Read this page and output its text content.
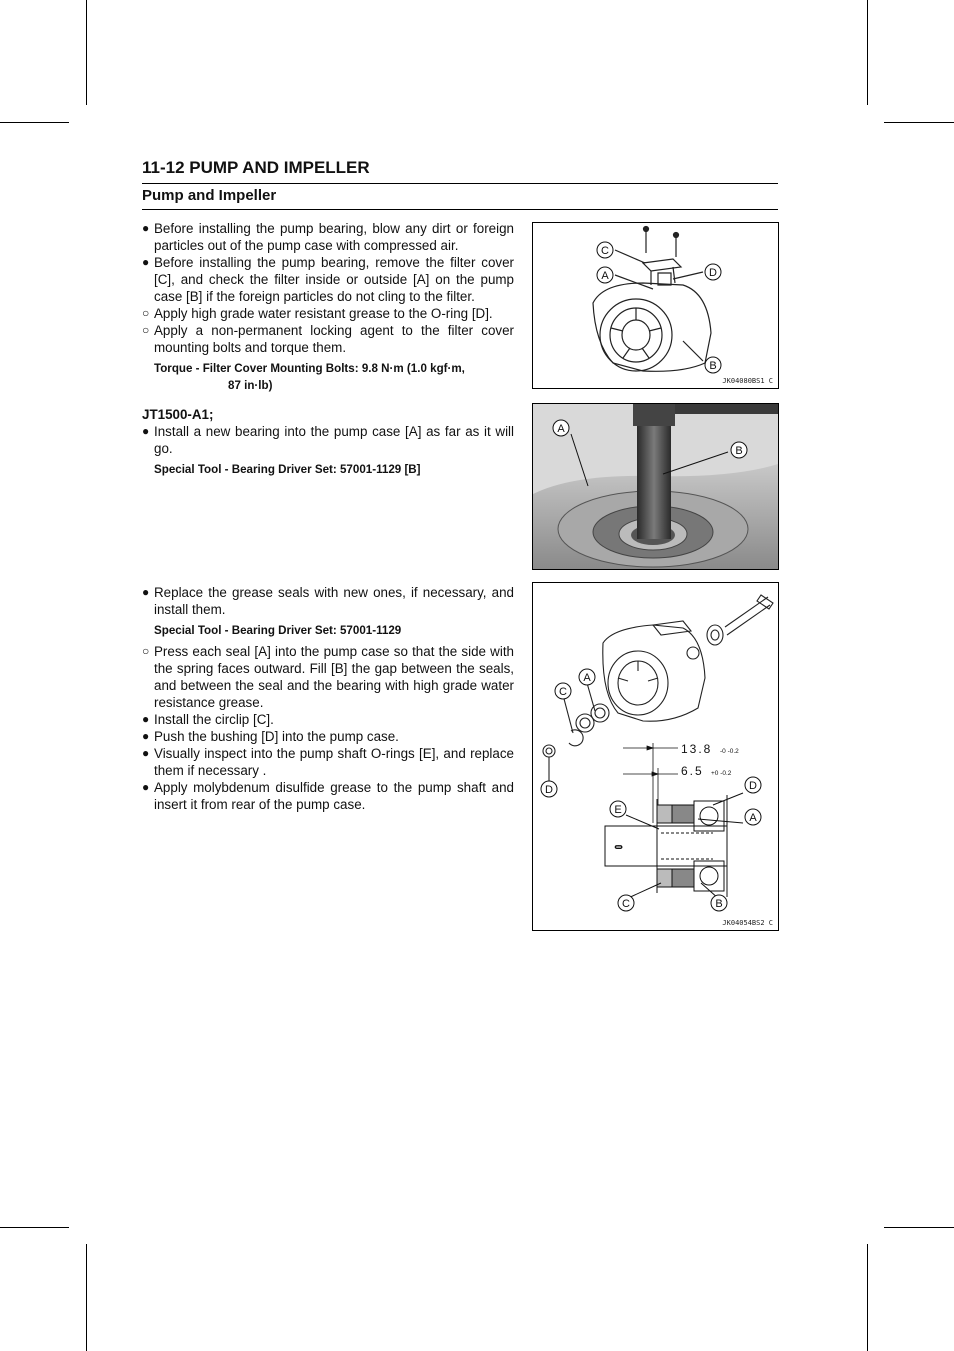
11-12 PUMP AND IMPELLER
Pump and Impeller

● Before installing the pump bearing, blow any dirt or foreign particles out of the pump case with compressed air.

● Before installing the pump bearing, remove the filter cover [C], and check the filter inside or outside [A] on the pump case [B] if the foreign particles do not cling to the filter.

○ Apply high grade water resistant grease to the O-ring [D].

○ Apply a non-permanent locking agent to the filter cover mounting bolts and torque them.

Torque - Filter Cover Mounting Bolts: 9.8 N·m (1.0 kgf·m,
87 in·lb)

JT1500-A1;

● Install a new bearing into the pump case [A] as far as it will go.

Special Tool - Bearing Driver Set: 57001-1129 [B]

● Replace the grease seals with new ones, if necessary, and install them.

Special Tool - Bearing Driver Set: 57001-1129

○ Press each seal [A] into the pump case so that the side with the spring faces outward. Fill [B] the gap between the seals, and between the seal and the bearing with high grade water resistance grease.

● Install the circlip [C].

● Push the bushing [D] into the pump case.

● Visually inspect into the pump shaft O-rings [E], and replace them if necessary .

● Apply molybdenum disulfide grease to the pump shaft and insert it from rear of the pump case.

C
A	D
B
JK04080BS1 C
A
B
C
A
D
13.8 -0 -0.2
6.5 +0 -0.2
⊂⊃
D
E
A
C	B
JK04054BS2 C
